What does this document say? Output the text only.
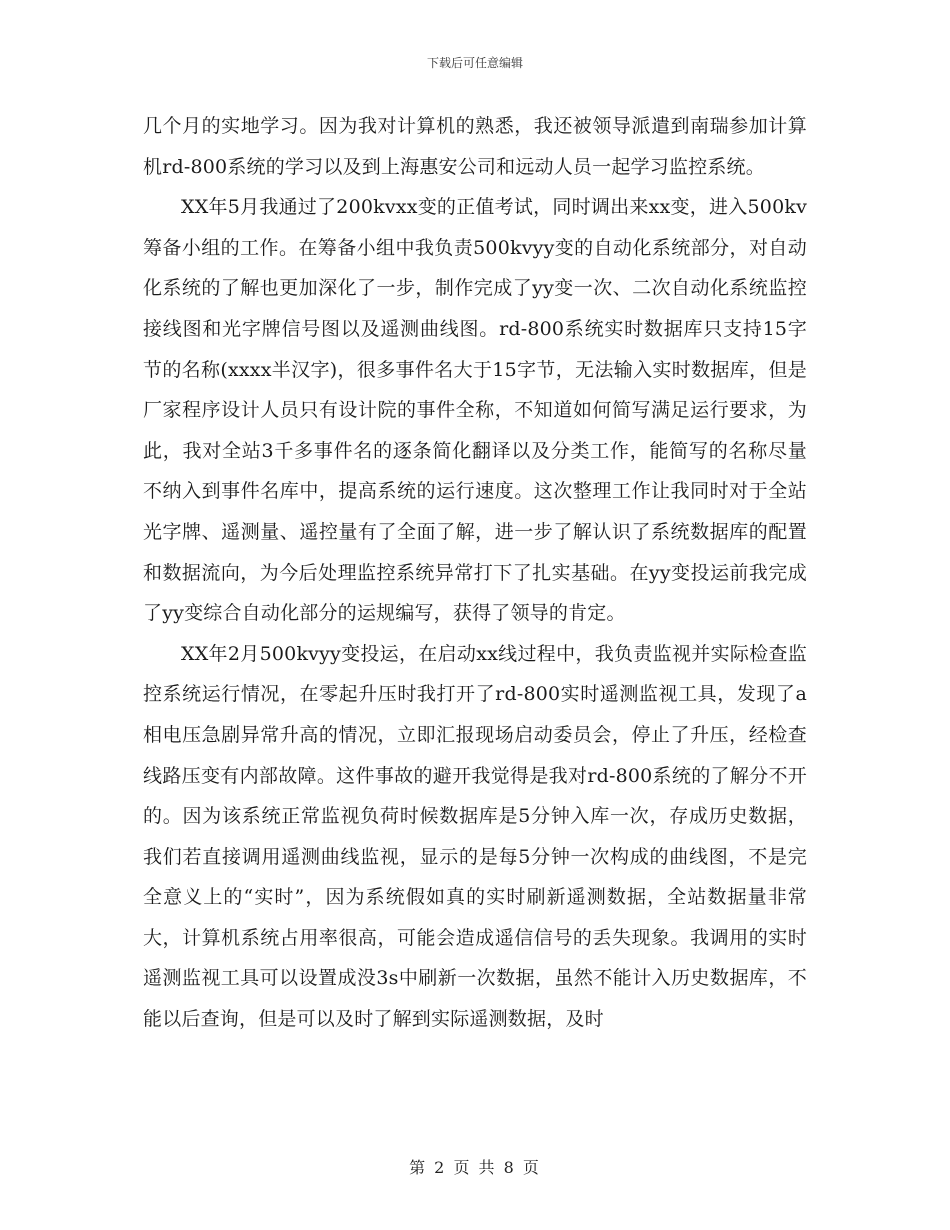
下载后可任意编辑

几个月的实地学习。因为我对计算机的熟悉，我还被领导派遣到南瑞参加计算机rd-800系统的学习以及到上海惠安公司和远动人员一起学习监控系统。

XX年5月我通过了200kvxx变的正值考试，同时调出来xx变，进入500kv筹备小组的工作。在筹备小组中我负责500kvyy变的自动化系统部分，对自动化系统的了解也更加深化了一步，制作完成了yy变一次、二次自动化系统监控接线图和光字牌信号图以及遥测曲线图。rd-800系统实时数据库只支持15字节的名称(xxxx半汉字)，很多事件名大于15字节，无法输入实时数据库，但是厂家程序设计人员只有设计院的事件全称，不知道如何简写满足运行要求，为此，我对全站3千多事件名的逐条简化翻译以及分类工作，能简写的名称尽量不纳入到事件名库中，提高系统的运行速度。这次整理工作让我同时对于全站光字牌、遥测量、遥控量有了全面了解，进一步了解认识了系统数据库的配置和数据流向，为今后处理监控系统异常打下了扎实基础。在yy变投运前我完成了yy变综合自动化部分的运规编写，获得了领导的肯定。

XX年2月500kvyy变投运，在启动xx线过程中，我负责监视并实际检查监控系统运行情况，在零起升压时我打开了rd-800实时遥测监视工具，发现了a相电压急剧异常升高的情况，立即汇报现场启动委员会，停止了升压，经检查线路压变有内部故障。这件事故的避开我觉得是我对rd-800系统的了解分不开的。因为该系统正常监视负荷时候数据库是5分钟入库一次，存成历史数据，我们若直接调用遥测曲线监视，显示的是每5分钟一次构成的曲线图，不是完全意义上的“实时”，因为系统假如真的实时刷新遥测数据，全站数据量非常大，计算机系统占用率很高，可能会造成遥信信号的丢失现象。我调用的实时遥测监视工具可以设置成没3s中刷新一次数据，虽然不能计入历史数据库，不能以后查询，但是可以及时了解到实际遥测数据，及时

第 2 页 共 8 页
